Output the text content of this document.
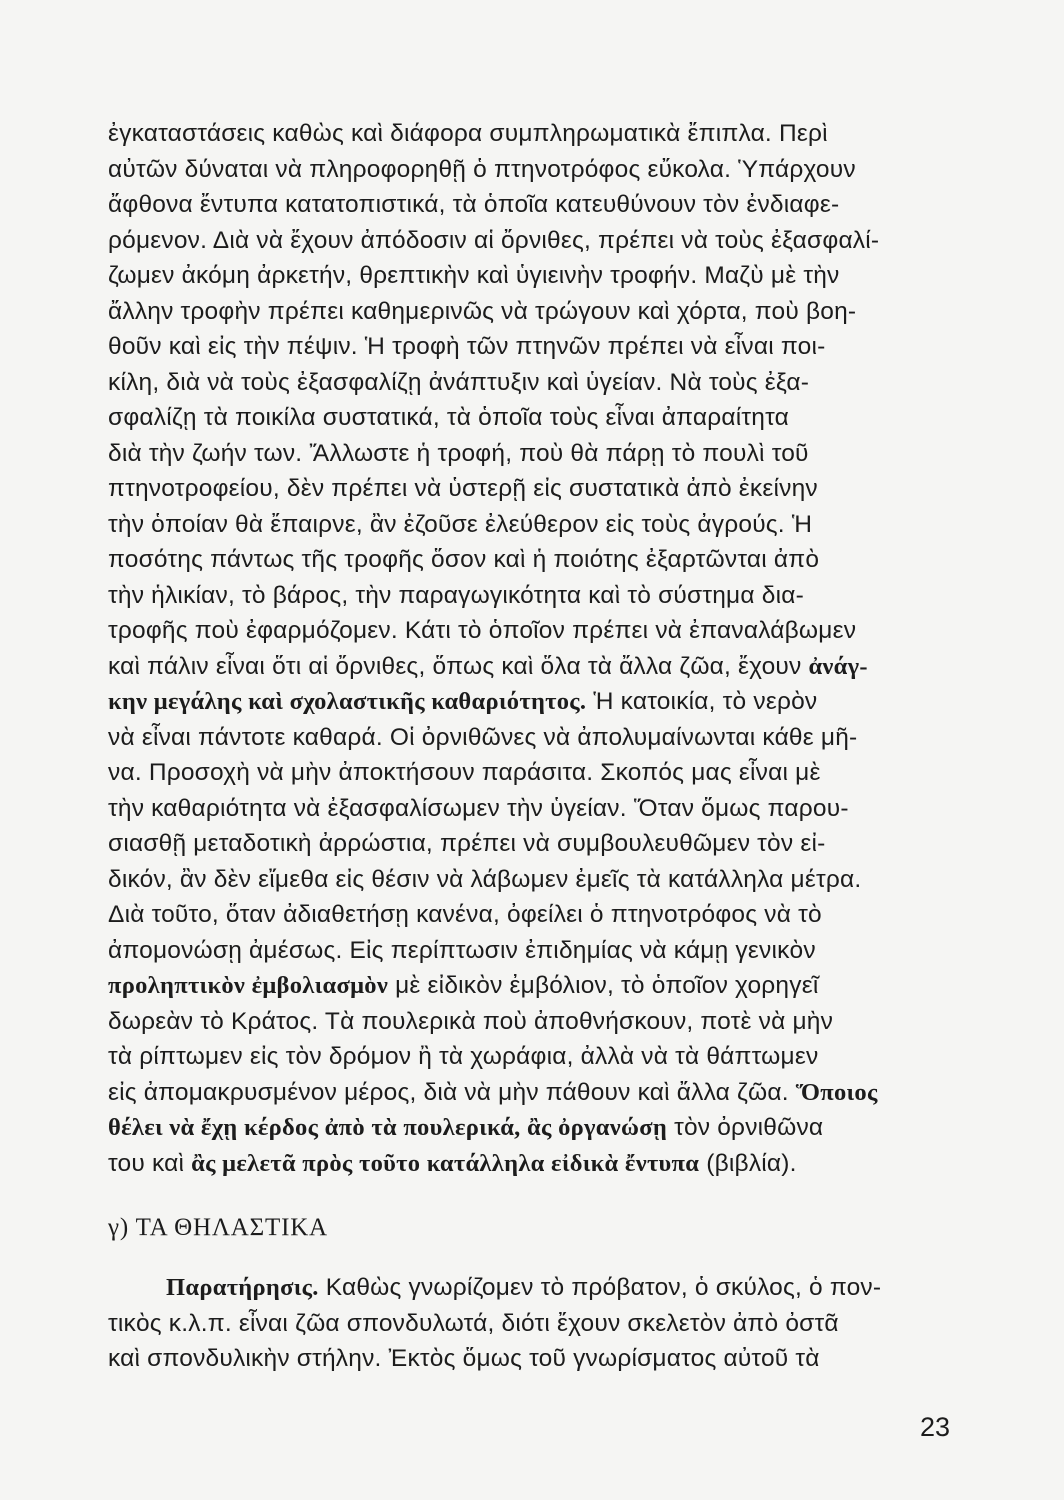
ἐγκαταστάσεις καθὼς καὶ διάφορα συμπληρωματικὰ ἔπιπλα. Περὶ
αὐτῶν δύναται νὰ πληροφορηθῇ ὁ πτηνοτρόφος εὔκολα. Ὑπάρχουν
ἄφθονα ἔντυπα κατατοπιστικά, τὰ ὁποῖα κατευθύνουν τὸν ἐνδιαφε-
ρόμενον. Διὰ νὰ ἔχουν ἀπόδοσιν αἱ ὄρνιθες, πρέπει νὰ τοὺς ἐξασφαλί-
ζωμεν ἀκόμη ἀρκετήν, θρεπτικὴν καὶ ὑγιεινὴν τροφήν. Μαζὺ μὲ τὴν
ἄλλην τροφὴν πρέπει καθημερινῶς νὰ τρώγουν καὶ χόρτα, ποὺ βοη-
θοῦν καὶ εἰς τὴν πέψιν. Ἡ τροφὴ τῶν πτηνῶν πρέπει νὰ εἶναι ποι-
κίλη, διὰ νὰ τοὺς ἐξασφαλίζῃ ἀνάπτυξιν καὶ ὑγείαν. Νὰ τοὺς ἐξα-
σφαλίζῃ τὰ ποικίλα συστατικά, τὰ ὁποῖα τοὺς εἶναι ἀπαραίτητα
διὰ τὴν ζωήν των. Ἄλλωστε ἡ τροφή, ποὺ θὰ πάρῃ τὸ πουλὶ τοῦ
πτηνοτροφείου, δὲν πρέπει νὰ ὑστερῇ εἰς συστατικὰ ἀπὸ ἐκείνην
τὴν ὁποίαν θὰ ἔπαιρνε, ἂν ἐζοῦσε ἐλεύθερον εἰς τοὺς ἀγρούς. Ἡ
ποσότης πάντως τῆς τροφῆς ὅσον καὶ ἡ ποιότης ἐξαρτῶνται ἀπὸ
τὴν ἡλικίαν, τὸ βάρος, τὴν παραγωγικότητα καὶ τὸ σύστημα δια-
τροφῆς ποὺ ἐφαρμόζομεν. Κάτι τὸ ὁποῖον πρέπει νὰ ἐπαναλάβωμεν
καὶ πάλιν εἶναι ὅτι αἱ ὄρνιθες, ὅπως καὶ ὅλα τὰ ἄλλα ζῶα, ἔχουν ἀνάγ-
κην μεγάλης καὶ σχολαστικῆς καθαριότητος. Ἡ κατοικία, τὸ νερὸν
νὰ εἶναι πάντοτε καθαρά. Οἱ ὀρνιθῶνες νὰ ἀπολυμαίνωνται κάθε μῆ-
να. Προσοχὴ νὰ μὴν ἀποκτήσουν παράσιτα. Σκοπός μας εἶναι μὲ
τὴν καθαριότητα νὰ ἐξασφαλίσωμεν τὴν ὑγείαν. Ὅταν ὅμως παρου-
σιασθῇ μεταδοτικὴ ἀρρώστια, πρέπει νὰ συμβουλευθῶμεν τὸν εἰ-
δικόν, ἂν δὲν εἴμεθα εἰς θέσιν νὰ λάβωμεν ἐμεῖς τὰ κατάλληλα μέτρα.
Διὰ τοῦτο, ὅταν ἀδιαθετήσῃ κανένα, ὀφείλει ὁ πτηνοτρόφος νὰ τὸ
ἀπομονώσῃ ἀμέσως. Εἰς περίπτωσιν ἐπιδημίας νὰ κάμῃ γενικὸν
προληπτικὸν ἐμβολιασμὸν μὲ εἰδικὸν ἐμβόλιον, τὸ ὁποῖον χορηγεῖ
δωρεὰν τὸ Κράτος. Τὰ πουλερικὰ ποὺ ἀποθνήσκουν, ποτὲ νὰ μὴν
τὰ ρίπτωμεν εἰς τὸν δρόμον ἢ τὰ χωράφια, ἀλλὰ νὰ τὰ θάπτωμεν
εἰς ἀπομακρυσμένον μέρος, διὰ νὰ μὴν πάθουν καὶ ἄλλα ζῶα. Ὅποιος
θέλει νὰ ἔχῃ κέρδος ἀπὸ τὰ πουλερικά, ἂς ὀργανώσῃ τὸν ὀρνιθῶνα
του καὶ ἂς μελετᾶ πρὸς τοῦτο κατάλληλα εἰδικὰ ἔντυπα (βιβλία).
γ) ΤΑ ΘΗΛΑΣΤΙΚΑ
Παρατήρησις. Καθὼς γνωρίζομεν τὸ πρόβατον, ὁ σκύλος, ὁ πον-
τικὸς κ.λ.π. εἶναι ζῶα σπονδυλωτά, διότι ἔχουν σκελετὸν ἀπὸ ὀστᾶ
καὶ σπονδυλικὴν στήλην. Ἐκτὸς ὅμως τοῦ γνωρίσματος αὐτοῦ τὰ
23
